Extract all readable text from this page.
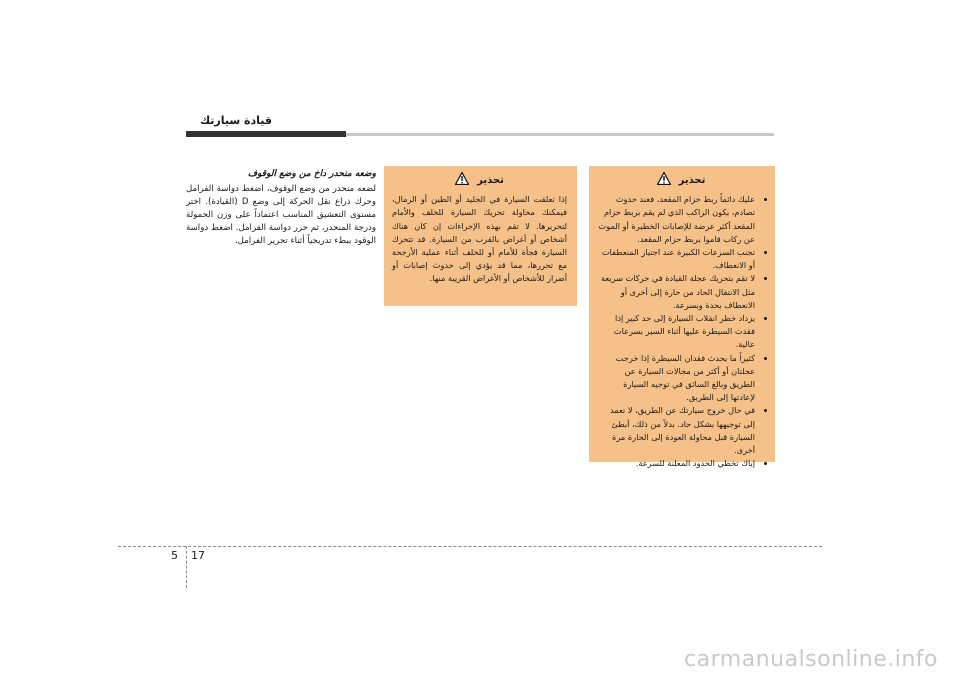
قيادة سيارتك
تحذير
• عليك دائماً ربط حزام المقعد، فعند حدوث تصادم، يكون الراكب الذي لم يقم بربط حزام المقعد أكثر عرضة للإصابات الخطيرة أو الموت عن ركاب قاموا بربط حزام المقعد.
• تجنب السرعات الكبيرة عند اجتياز المنعطفات أو الانعطاف.
• لا تقم بتحريك عجلة القيادة في حركات سريعة مثل الانتقال الحاد من حارة إلى أخرى أو الانعطاف بحدة وبسرعة.
• يزداد خطر انقلاب السيارة إلى حد كبير إذا فقدت السيطرة عليها أثناء السير بسرعات عالية.
• كثيراً ما يحدث فقدان السيطرة إذا خرجت عجلتان أو أكثر من مجالات السيارة عن الطريق وبالغ السائق في توجيه السيارة لإعادتها إلى الطريق.
• في حال خروج سيارتك عن الطريق، لا تعمد إلى توجيهها بشكل حاد. بدلاً من ذلك، أبطئ السيارة قبل محاولة العودة إلى الحارة مرة أخرى.
• إياك تخطي الحدود المعلنة للسرعة.
تحذير
إذا تعلقت السيارة في الجليد أو الطين أو الرمال، فيمكنك محاولة تحريك السيارة للخلف والأمام لتحريرها. لا تقم بهذه الإجراءات إن كان هناك أشخاص أو أغراض بالقرب من السيارة. قد تتحرك السيارة فجأة للأمام أو للخلف أثناء عملية الأرجحة مع تحررها، مما قد يؤدي إلى حدوث إصابات أو أضرار للأشخاص أو الأغراض القريبة منها.
وضعه منحدر داخ من وضع الوقوف
لضعه منحدر من وضع الوقوف، اضغط دواسة الفرامل وحرك ذراع نقل الحركة إلى وضع D (القيادة). اختر مستوى التعشيق المناسب اعتماداً على وزن الحمولة ودرجة المنحدر، ثم حرر دواسة الفرامل. اضغط دواسة الوقود ببطء تدريجياً أثناء تحرير الفرامل.
5 17
carmanualsonline.info
